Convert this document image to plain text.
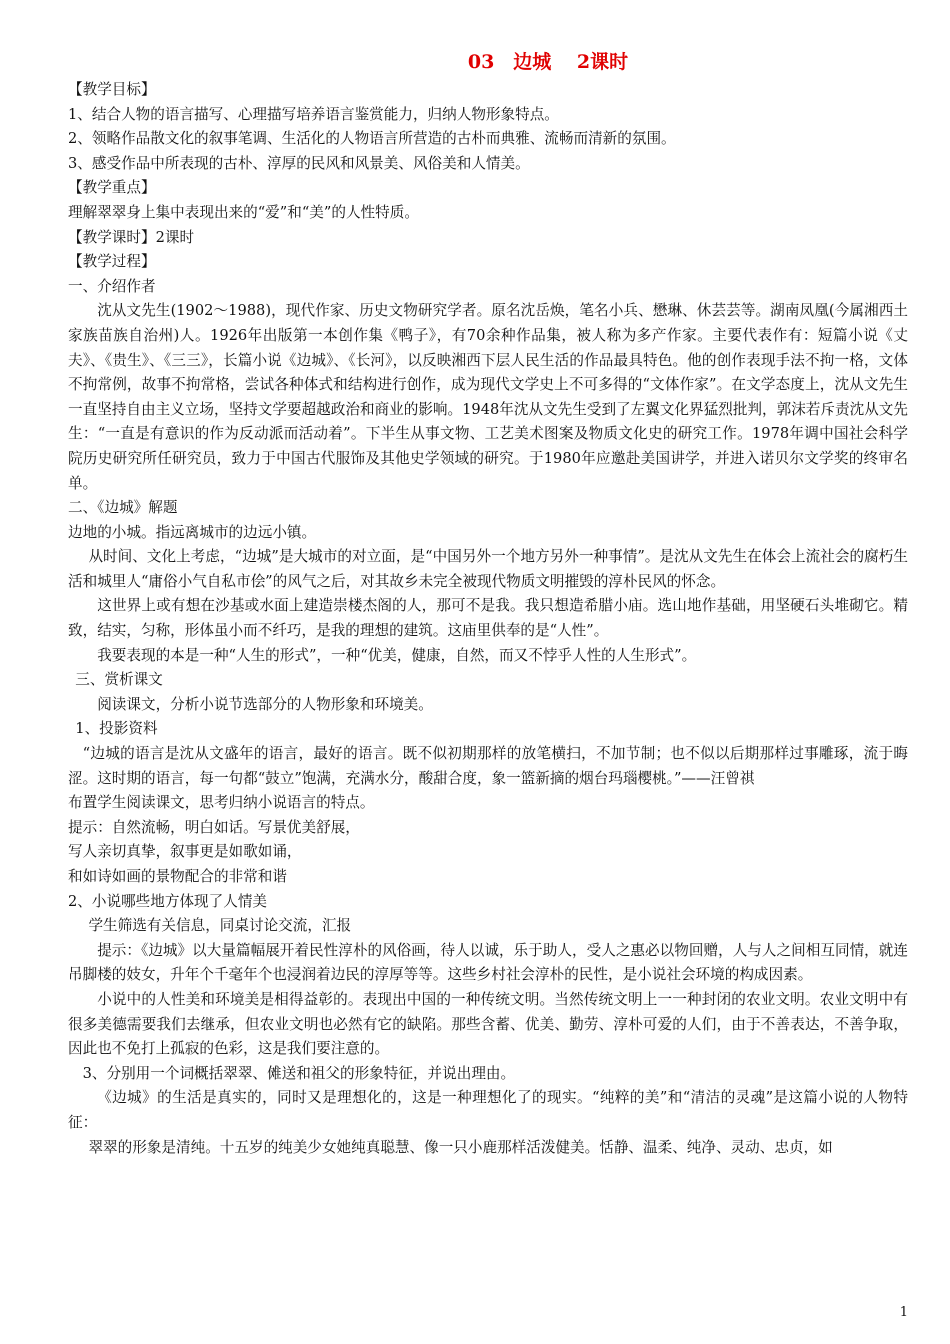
03　边城　 2课时
【教学目标】
1、结合人物的语言描写、心理描写培养语言鉴赏能力，归纳人物形象特点。
2、领略作品散文化的叙事笔调、生活化的人物语言所营造的古朴而典雅、流畅而清新的氛围。
3、感受作品中所表现的古朴、淳厚的民风和风景美、风俗美和人情美。
【教学重点】
理解翠翠身上集中表现出来的“爱”和“美”的人性特质。
【教学课时】2课时
【教学过程】
一、介绍作者

沈从文先生(1902～1988)，现代作家、历史文物研究学者。原名沈岳焕，笔名小兵、懋琳、休芸芸等。湖南凤凰(今属湘西土家族苗族自治州)人。1926年出版第一本创作集《鸭子》，有70余种作品集，被人称为多产作家。主要代表作有：短篇小说《丈夫》、《贵生》、《三三》，长篇小说《边城》、《长河》，以反映湘西下层人民生活的作品最具特色。他的创作表现手法不拘一格，文体不拘常例，故事不拘常格，尝试各种体式和结构进行创作，成为现代文学史上不可多得的“文体作家”。在文学态度上，沈从文先生一直坚持自由主义立场，坚持文学要超越政治和商业的影响。1948年沈从文先生受到了左翼文化界猛烈批判，郭沫若斥责沈从文先生：“一直是有意识的作为反动派而活动着”。下半生从事文物、工艺美术图案及物质文化史的研究工作。1978年调中国社会科学院历史研究所任研究员，致力于中国古代服饰及其他史学领域的研究。于1980年应邀赴美国讲学，并进入诺贝尔文学奖的终审名单。

二、《边城》解题
边地的小城。指远离城市的边远小镇。

从时间、文化上考虑，“边城”是大城市的对立面，是“中国另外一个地方另外一种事情”。是沈从文先生在体会上流社会的腐朽生活和城里人“庸俗小气自私市侩”的风气之后，对其故乡未完全被现代物质文明摧毁的淳朴民风的怀念。

这世界上或有想在沙基或水面上建造崇楼杰阁的人，那可不是我。我只想造希腊小庙。选山地作基础，用坚硬石头堆砌它。精致，结实，匀称，形体虽小而不纤巧，是我的理想的建筑。这庙里供奉的是“人性”。

我要表现的本是一种“人生的形式”，一种“优美，健康，自然，而又不悖乎人性的人生形式”。

三、赏析课文
阅读课文，分析小说节选部分的人物形象和环境美。
1、投影资料

“边城的语言是沈从文盛年的语言，最好的语言。既不似初期那样的放笔横扫，不加节制；也不似以后期那样过事雕琢，流于晦涩。这时期的语言，每一句都“鼓立”饱满，充满水分，酸甜合度，象一篮新摘的烟台玛瑙樱桃。”——汪曾祺

布置学生阅读课文，思考归纳小说语言的特点。
提示：自然流畅，明白如话。写景优美舒展，
写人亲切真挚，叙事更是如歌如诵，
和如诗如画的景物配合的非常和谐
2、小说哪些地方体现了人情美
学生筛选有关信息，同桌讨论交流，汇报

提示：《边城》以大量篇幅展开着民性淳朴的风俗画，待人以诚，乐于助人，受人之惠必以物回赠，人与人之间相互同情，就连吊脚楼的妓女，升年个千毫年个也浸润着边民的淳厚等等。这些乡村社会淳朴的民性，是小说社会环境的构成因素。

小说中的人性美和环境美是相得益彰的。表现出中国的一种传统文明。当然传统文明上一一种封闭的农业文明。农业文明中有很多美德需要我们去继承，但农业文明也必然有它的缺陷。那些含蓄、优美、勤劳、淳朴可爱的人们，由于不善表达，不善争取，因此也不免打上孤寂的色彩，这是我们要注意的。

3、分别用一个词概括翠翠、傩送和祖父的形象特征，并说出理由。

《边城》的生活是真实的，同时又是理想化的，这是一种理想化了的现实。“纯粹的美”和“清洁的灵魂”是这篇小说的人物特征：

翠翠的形象是清纯。十五岁的纯美少女她纯真聪慧、像一只小鹿那样活泼健美。恬静、温柔、纯净、灵动、忠贞，如

1
